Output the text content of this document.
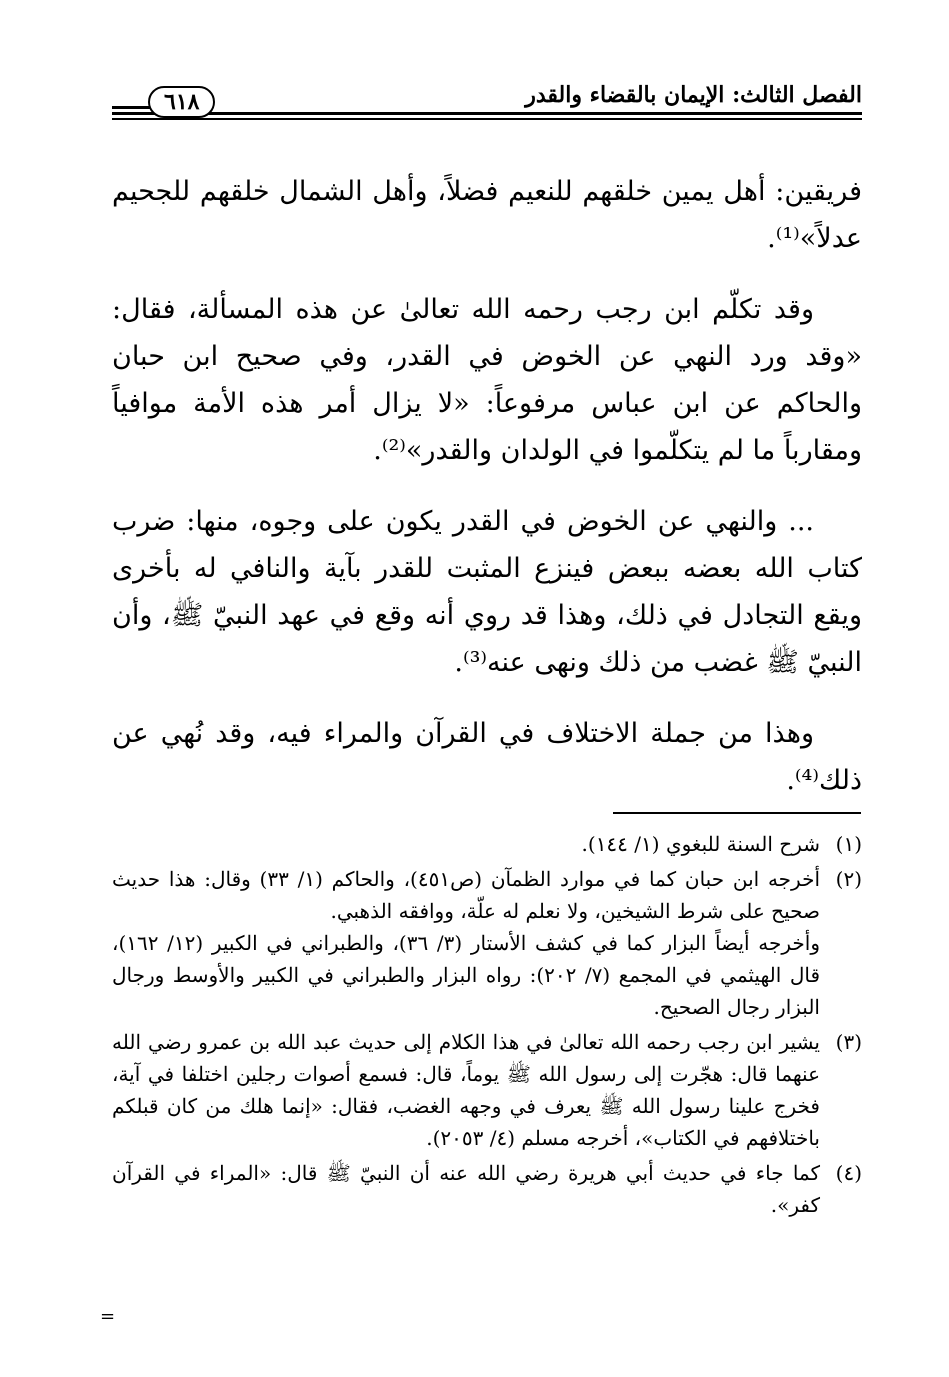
الفصل الثالث: الإيمان بالقضاء والقدر
٦١٨

فريقين: أهل يمين خلقهم للنعيم فضلاً، وأهل الشمال خلقهم للجحيم عدلاً»⁽¹⁾.

وقد تكلّم ابن رجب رحمه الله تعالىٰ عن هذه المسألة، فقال: «وقد ورد النهي عن الخوض في القدر، وفي صحيح ابن حبان والحاكم عن ابن عباس مرفوعاً: «لا يزال أمر هذه الأمة موافياً ومقارباً ما لم يتكلّموا في الولدان والقدر»⁽²⁾.

... والنهي عن الخوض في القدر يكون على وجوه، منها: ضرب كتاب الله بعضه ببعض فينزع المثبت للقدر بآية والنافي له بأخرى ويقع التجادل في ذلك، وهذا قد روي أنه وقع في عهد النبيّ ﷺ، وأن النبيّ ﷺ غضب من ذلك ونهى عنه⁽³⁾.

وهذا من جملة الاختلاف في القرآن والمراء فيه، وقد نُهي عن ذلك⁽⁴⁾.

(١)
شرح السنة للبغوي (١/ ١٤٤).
(٢)
أخرجه ابن حبان كما في موارد الظمآن (ص٤٥١)، والحاكم (١/ ٣٣) وقال: هذا حديث صحيح على شرط الشيخين، ولا نعلم له علّة، ووافقه الذهبي.
وأخرجه أيضاً البزار كما في كشف الأستار (٣/ ٣٦)، والطبراني في الكبير (١٢/ ١٦٢)، قال الهيثمي في المجمع (٧/ ٢٠٢): رواه البزار والطبراني في الكبير والأوسط ورجال البزار رجال الصحيح.
(٣)
يشير ابن رجب رحمه الله تعالىٰ في هذا الكلام إلى حديث عبد الله بن عمرو رضي الله عنهما قال: هجّرت إلى رسول الله ﷺ يوماً، قال: فسمع أصوات رجلين اختلفا في آية، فخرج علينا رسول الله ﷺ يعرف في وجهه الغضب، فقال: «إنما هلك من كان قبلكم باختلافهم في الكتاب»، أخرجه مسلم (٤/ ٢٠٥٣).
(٤)
كما جاء في حديث أبي هريرة رضي الله عنه أن النبيّ ﷺ قال: «المراء في القرآن كفر».
=
